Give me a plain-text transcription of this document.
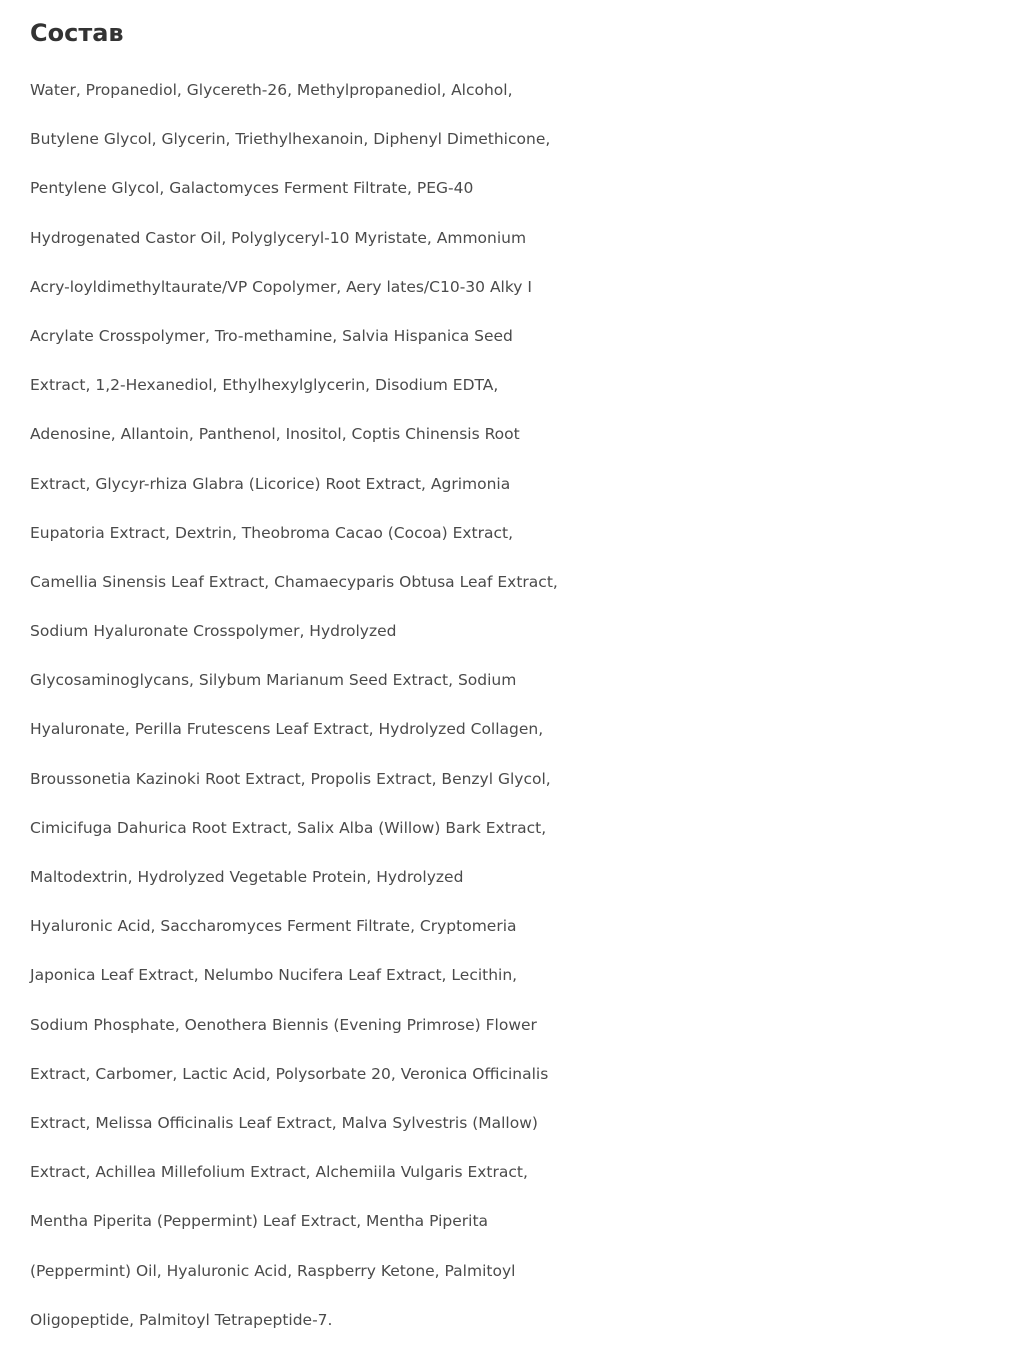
Состав
Water, Propanediol, Glycereth-26, Methylpropanediol, Alcohol,
Butylene Glycol, Glycerin, Triethylhexanoin, Diphenyl Dimethicone,
Pentylene Glycol, Galactomyces Ferment Filtrate, PEG-40
Hydrogenated Castor Oil, Polyglyceryl-10 Myristate, Ammonium
Acry-loyldimethyltaurate/VP Copolymer, Aery lates/C10-30 Alky I
Acrylate Crosspolymer, Tro-methamine, Salvia Hispanica Seed
Extract, 1,2-Hexanediol, Ethylhexylglycerin, Disodium EDTA,
Adenosine, Allantoin, Panthenol, Inositol, Coptis Chinensis Root
Extract, Glycyr-rhiza Glabra (Licorice) Root Extract, Agrimonia
Eupatoria Extract, Dextrin, Theobroma Cacao (Cocoa) Extract,
Camellia Sinensis Leaf Extract, Chamaecyparis Obtusa Leaf Extract,
Sodium Hyaluronate Crosspolymer, Hydrolyzed
Glycosaminoglycans, Silybum Marianum Seed Extract, Sodium
Hyaluronate, Perilla Frutescens Leaf Extract, Hydrolyzed Collagen,
Broussonetia Kazinoki Root Extract, Propolis Extract, Benzyl Glycol,
Cimicifuga Dahurica Root Extract, Salix Alba (Willow) Bark Extract,
Maltodextrin, Hydrolyzed Vegetable Protein, Hydrolyzed
Hyaluronic Acid, Saccharomyces Ferment Filtrate, Cryptomeria
Japonica Leaf Extract, Nelumbo Nucifera Leaf Extract, Lecithin,
Sodium Phosphate, Oenothera Biennis (Evening Primrose) Flower
Extract, Carbomer, Lactic Acid, Polysorbate 20, Veronica Officinalis
Extract, Melissa Officinalis Leaf Extract, Malva Sylvestris (Mallow)
Extract, Achillea Millefolium Extract, Alchemiila Vulgaris Extract,
Mentha Piperita (Peppermint) Leaf Extract, Mentha Piperita
(Peppermint) Oil, Hyaluronic Acid, Raspberry Ketone, Palmitoyl
Oligopeptide, Palmitoyl Tetrapeptide-7.
